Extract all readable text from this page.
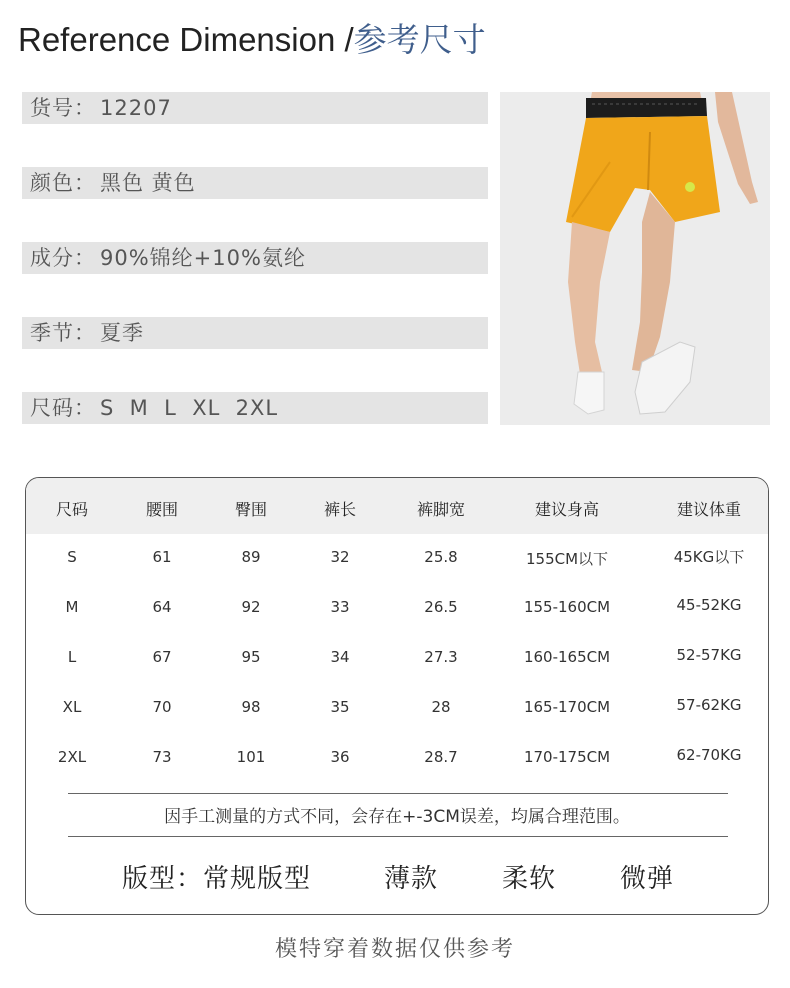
Reference Dimension /参考尺寸
货号： 12207
颜色： 黑色 黄色
成分： 90%锦纶+10%氨纶
季节： 夏季
尺码： S  M  L  XL  2XL
尺码	腰围	臀围	裤长	裤脚宽	建议身高	建议体重
S	61	89	32	25.8	155CM以下	45KG以下
M	64	92	33	26.5	155-160CM	45-52KG
L	67	95	34	27.3	160-165CM	52-57KG
XL	70	98	35	28	165-170CM	57-62KG
2XL	73	101	36	28.7	170-175CM	62-70KG
因手工测量的方式不同，会存在+-3CM误差，均属合理范围。
版型：常规版型	薄款 柔软 微弹
模特穿着数据仅供参考
